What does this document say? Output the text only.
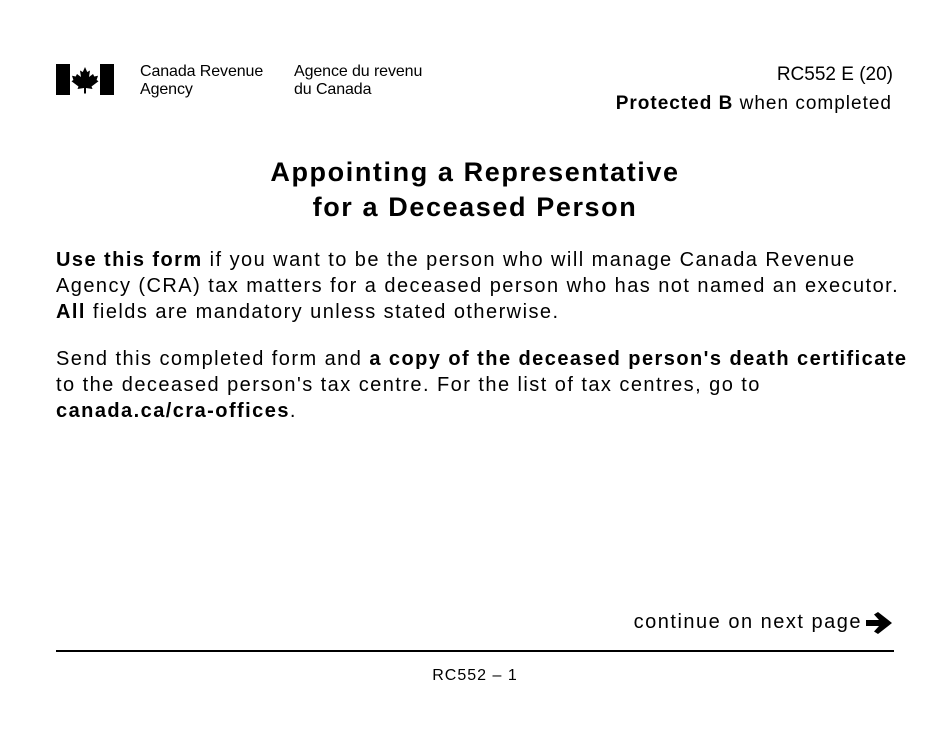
Canada Revenue
Agency
Agence du revenu
du Canada
RC552 E (20)
Protected B when completed
Appointing a Representative
for a Deceased Person
Use this form if you want to be the person who will manage Canada Revenue Agency (CRA) tax matters for a deceased person who has not named an executor. All fields are mandatory unless stated otherwise.
Send this completed form and a copy of the deceased person's death certificate to the deceased person's tax centre. For the list of tax centres, go to canada.ca/cra-offices.
continue on next page
RC552 – 1
